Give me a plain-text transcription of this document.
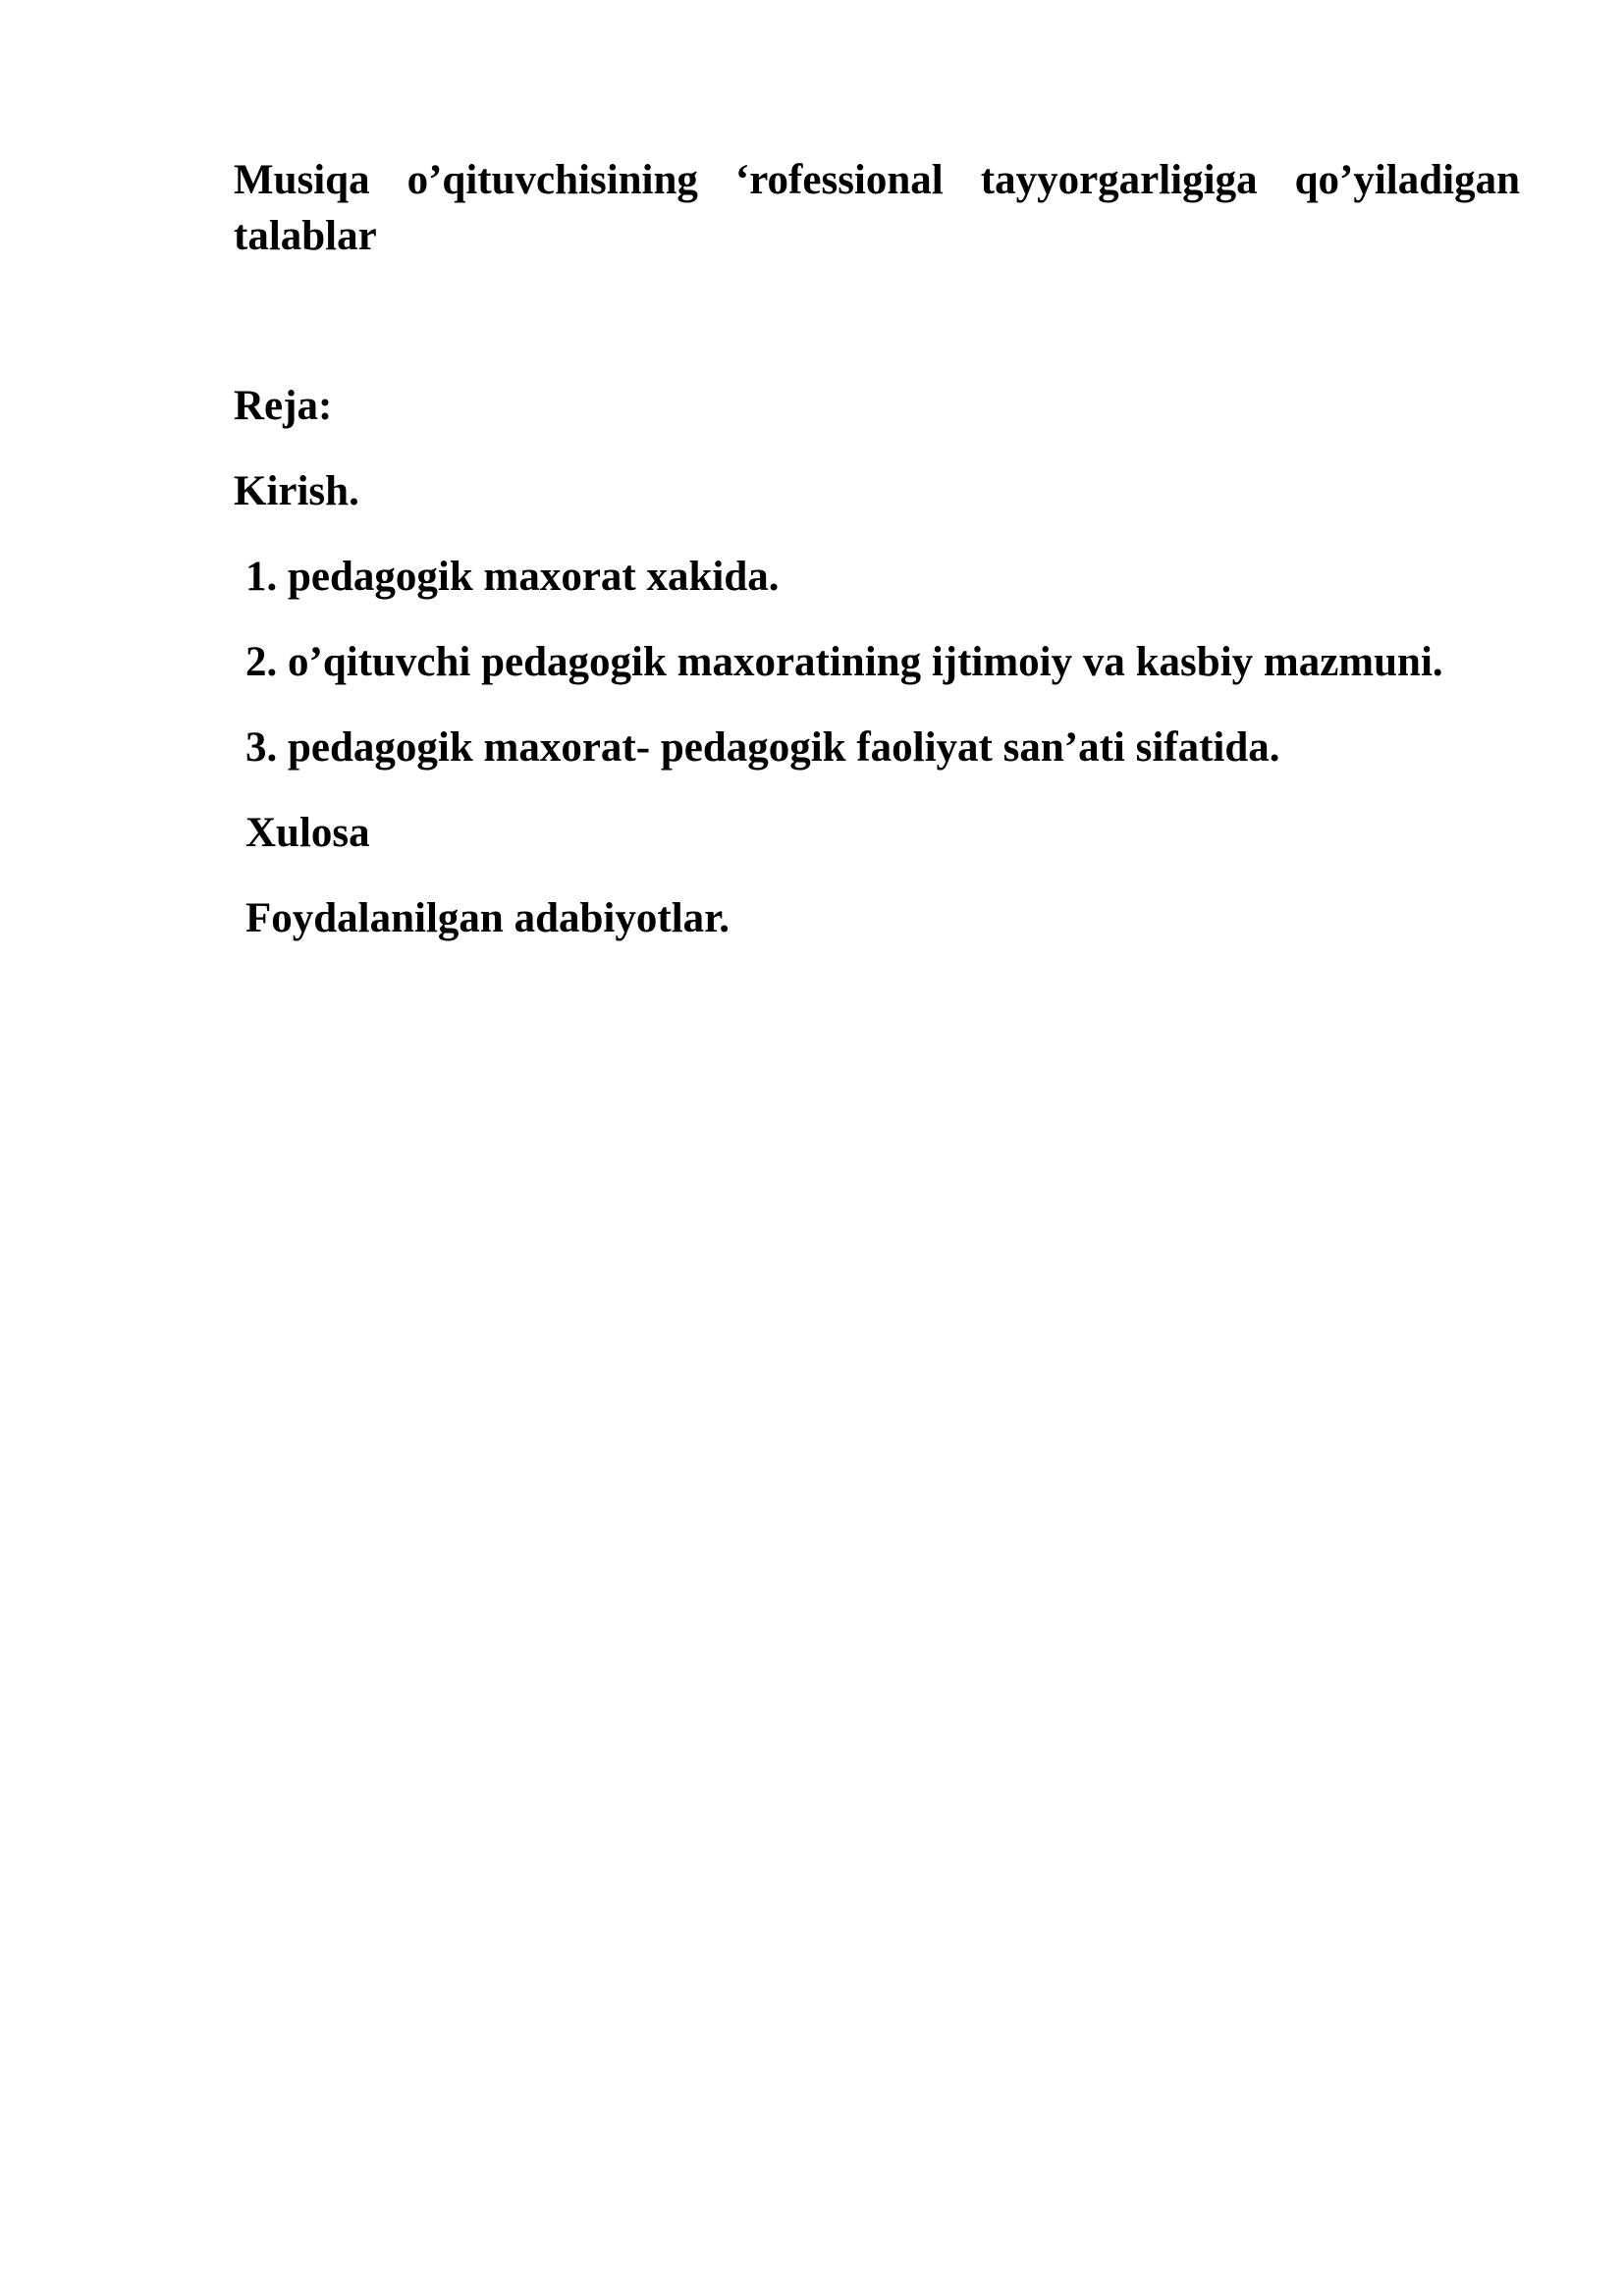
Musiqa o’qituvchisining ‘rofessional tayyorgarligiga qo’yiladigan talablar
Reja:
Kirish.
1. pedagogik maxorat xakida.
2. o’qituvchi pedagogik maxoratining ijtimoiy va kasbiy mazmuni.
3. pedagogik maxorat- pedagogik faoliyat san’ati sifatida.
Xulosa
Foydalanilgan adabiyotlar.
